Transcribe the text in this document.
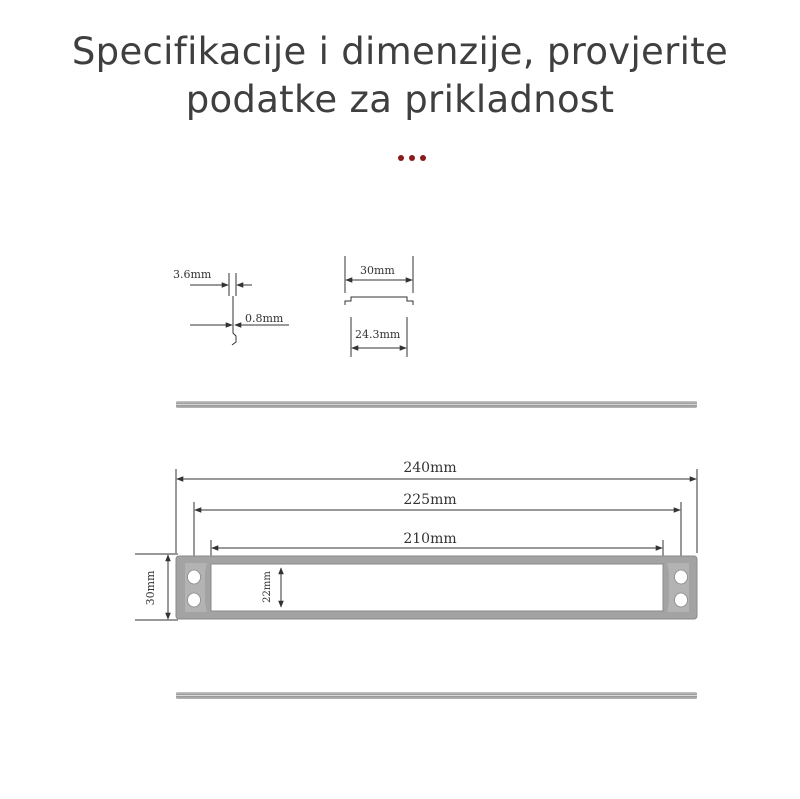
Specifikacije i dimenzije, provjerite
podatke za prikladnost
3.6mm
0.8mm
30mm
24.3mm
240mm
225mm
210mm
30mm	22mm
